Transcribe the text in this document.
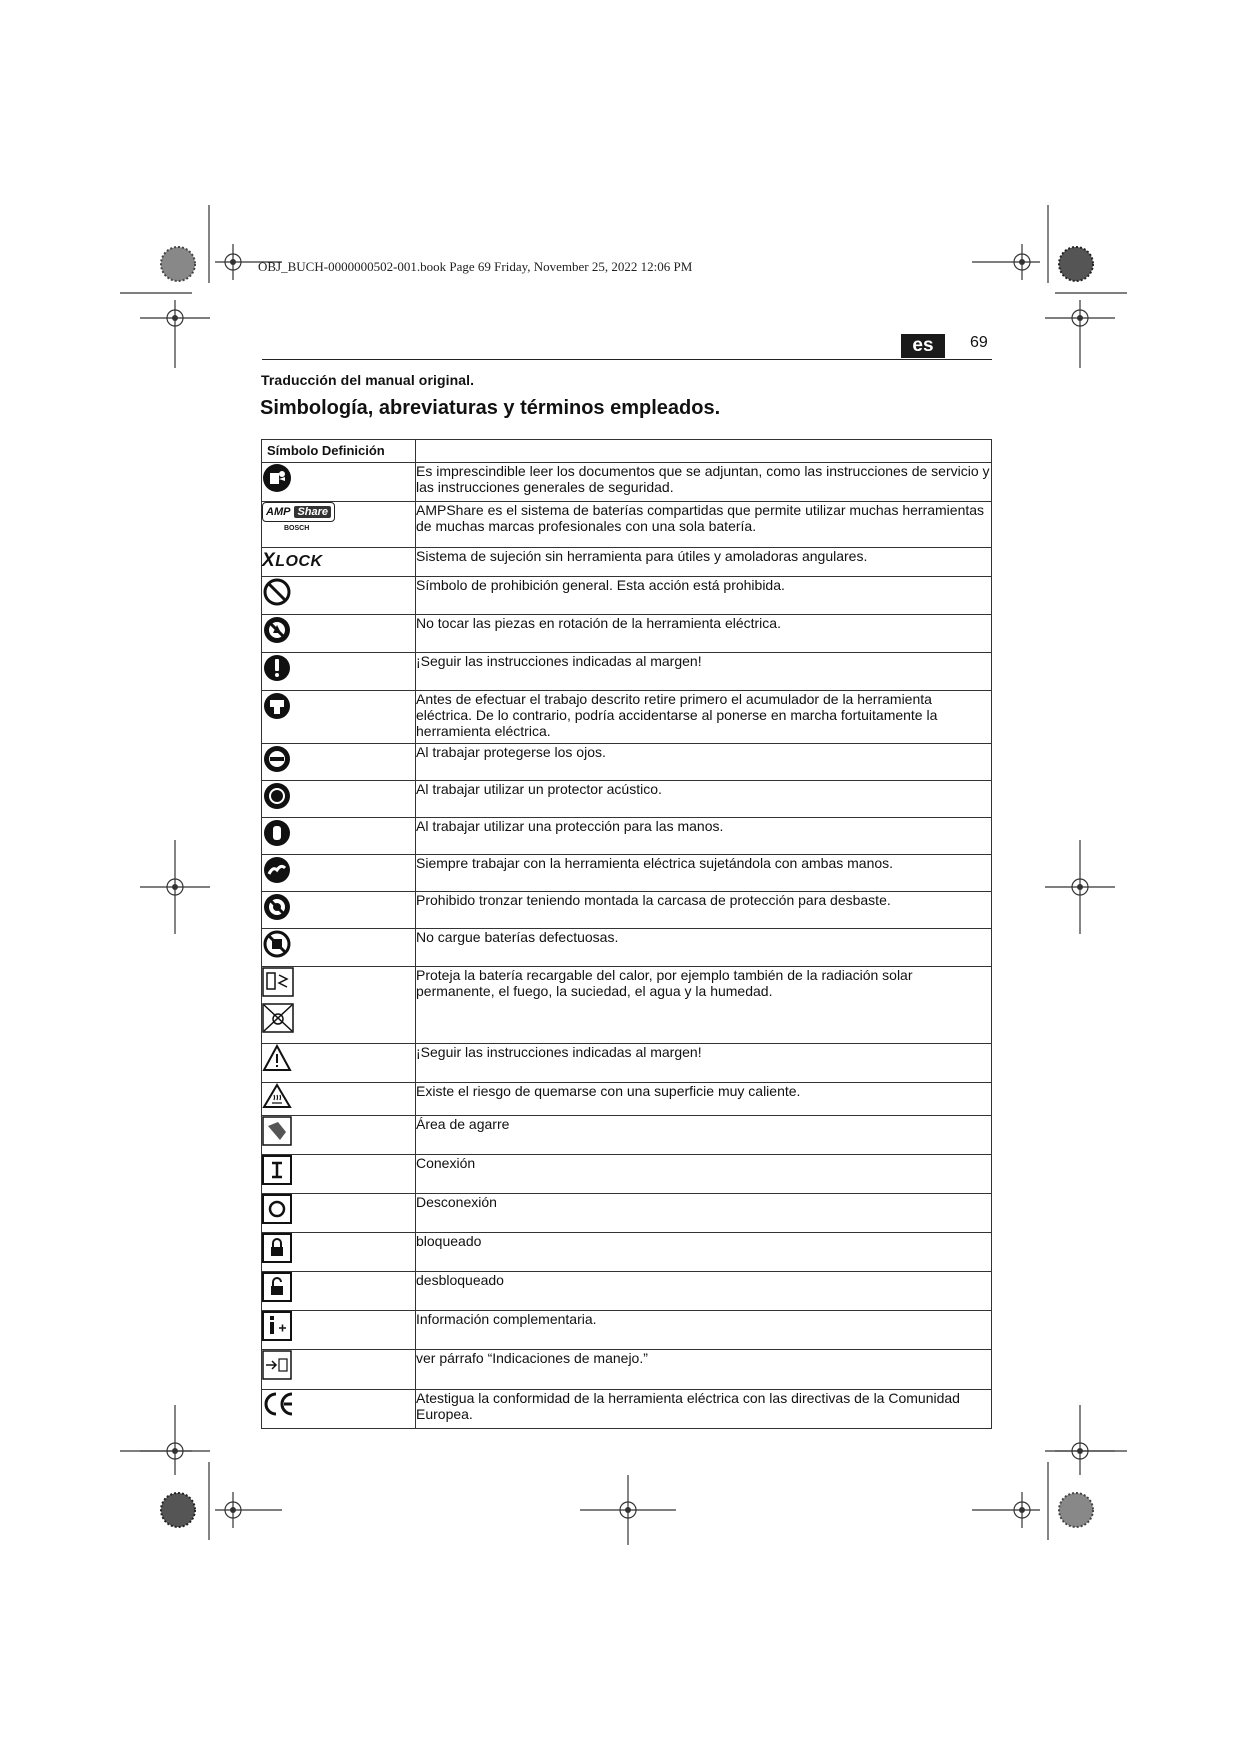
OBJ_BUCH-0000000502-001.book Page 69 Friday, November 25, 2022 12:06 PM
es	69
Traducción del manual original.
Simbología, abreviaturas y términos empleados.
Símbolo Definición	

	Es imprescindible leer los documentos que se adjuntan, como las instrucciones de servicio y las instrucciones generales de seguridad.

AMP Share
BOSCH	AMPShare es el sistema de baterías compartidas que permite utilizar muchas herramientas de muchas marcas profesionales con una sola batería.

XLOCK	Sistema de sujeción sin herramienta para útiles y amoladoras angulares.

	Símbolo de prohibición general. Esta acción está prohibida.

	No tocar las piezas en rotación de la herramienta eléctrica.

	¡Seguir las instrucciones indicadas al margen!

	Antes de efectuar el trabajo descrito retire primero el acumulador de la herramienta eléctrica. De lo contrario, podría accidentarse al ponerse en marcha fortuitamente la herramienta eléctrica.

	Al trabajar protegerse los ojos.

	Al trabajar utilizar un protector acústico.

	Al trabajar utilizar una protección para las manos.

	Siempre trabajar con la herramienta eléctrica sujetándola con ambas manos.

	Prohibido tronzar teniendo montada la carcasa de protección para desbaste.

	No cargue baterías defectuosas.

	Proteja la batería recargable del calor, por ejemplo también de la radiación solar permanente, el fuego, la suciedad, el agua y la humedad.

	¡Seguir las instrucciones indicadas al margen!

	Existe el riesgo de quemarse con una superficie muy caliente.

	Área de agarre

	Conexión

	Desconexión

	bloqueado

	desbloqueado

	Información complementaria.

	ver párrafo “Indicaciones de manejo.”

	Atestigua la conformidad de la herramienta eléctrica con las directivas de la Comunidad Europea.
